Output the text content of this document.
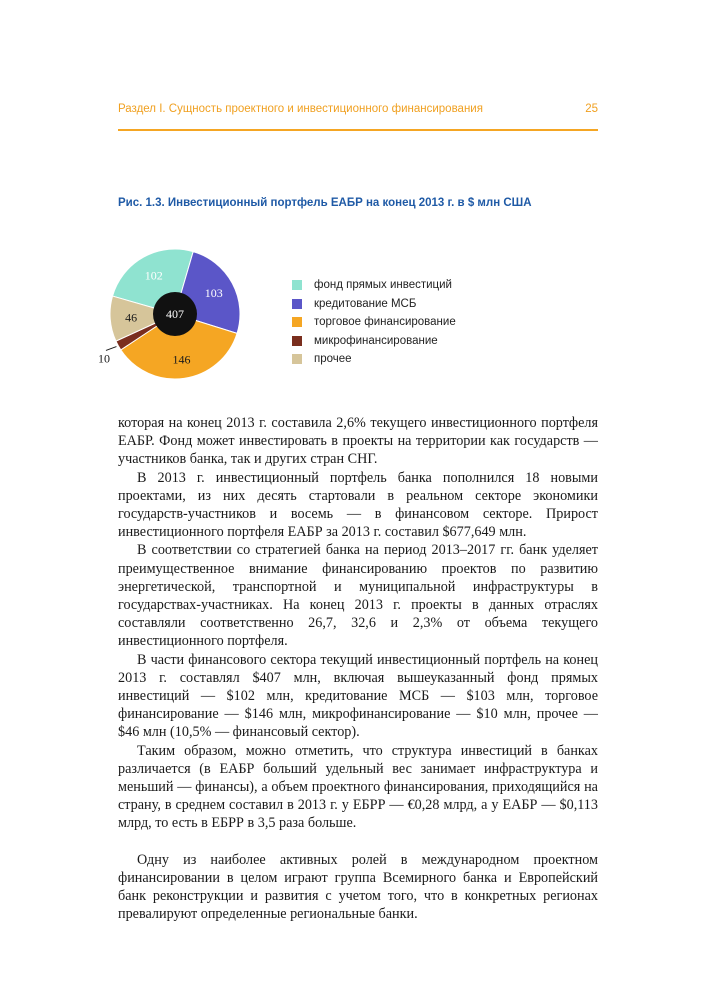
Раздел I. Сущность проектного и инвестиционного финансирования	25
Рис. 1.3. Инвестиционный портфель ЕАБР на конец 2013 г. в $ млн США
102
103
146
10
46 407
фонд прямых инвестиций
кредитование МСБ
торговое финансирование
микрофинансирование
прочее

которая на конец 2013 г. составила 2,6% текущего инвестиционного портфеля ЕАБР. Фонд может инвестировать в проекты на территории как государств — участников банка, так и других стран СНГ.

В 2013 г. инвестиционный портфель банка пополнился 18 новыми проектами, из них десять стартовали в реальном секторе экономики государств-участников и восемь — в финансовом секторе. Прирост инвестиционного портфеля ЕАБР за 2013 г. составил $677,649 млн.

В соответствии со стратегией банка на период 2013–2017 гг. банк уделяет преимущественное внимание финансированию проектов по развитию энергетической, транспортной и муниципальной инфраструктуры в государствах-участниках. На конец 2013 г. проекты в данных отраслях составляли соответственно 26,7, 32,6 и 2,3% от объема текущего инвестиционного портфеля.

В части финансового сектора текущий инвестиционный портфель на конец 2013 г. составлял $407 млн, включая вышеуказанный фонд прямых инвестиций — $102 млн, кредитование МСБ — $103 млн, торговое финансирование — $146 млн, микрофинансирование — $10 млн, прочее — $46 млн (10,5% — финансовый сектор).

Таким образом, можно отметить, что структура инвестиций в банках различается (в ЕАБР больший удельный вес занимает инфраструктура и меньший — финансы), а объем проектного финансирования, приходящийся на страну, в среднем составил в 2013 г. у ЕБРР — €0,28 млрд, а у ЕАБР — $0,113 млрд, то есть в ЕБРР в 3,5 раза больше.

Одну из наиболее активных ролей в международном проектном финансировании в целом играют группа Всемирного банка и Европейский банк реконструкции и развития с учетом того, что в конкретных регионах превалируют определенные региональные банки.
